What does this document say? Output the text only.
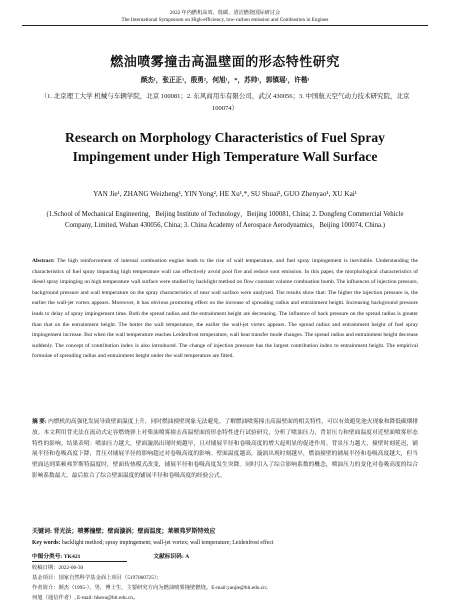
2022 年内燃机高效、低碳、清洁燃烧国际研讨会
The International Symposium on High-efficiency, low-carbon emission and Combustion in Engines
燃油喷雾撞击高温壁面的形态特性研究
颜杰¹，张正正¹，殷勇²，何旭¹，*，苏帅³，郭镇瑶¹，许楷¹
（1. 北京理工大学 机械与车辆学院，北京 100081；2. 东风商用车有限公司，武汉 430056；3. 中国航天空气动力技术研究院，北京 100074）
Research on Morphology Characteristics of Fuel Spray Impingement under High Temperature Wall Surface
YAN Jie¹, ZHANG Weizheng¹, YIN Yong², HE Xu¹,*, SU Shuai³, GUO Zhenyao¹, XU Kai¹
(1.School of Mechanical Engineering，Beijing Institute of Technology，Beijing 100081, China; 2. Dongfeng Commercial Vehicle Company, Limited, Wuhan 430056, China; 3. China Academy of Aerospace Aerodynamics，Beijing 100074, China.)
Abstract: The high reinforcement of internal combustion engine leads to the rise of wall temperature, and fuel spray impingement is inevitable. Understanding the characteristics of fuel spray impacting high temperature wall can effectively avoid pool fire and reduce soot emission. In this paper, the morphological characteristics of diesel spray impinging on high temperature wall surface were studied by backlight method on flow constant volume combustion bomb. The influences of injection pressure, background pressure and wall temperature on the spray characteristics of near wall surface were analyzed. The results show that: The higher the injection pressure is, the earlier the wall-jet vortex appears. Moreover, it has obvious promoting effect on the increase of spreading radius and entrainment height. Increasing background pressure leads to delay of spray impingement time. Both the spread radius and the entrainment height are decreasing. The influence of back pressure on the spread radius is greater than that on the entrainment height. The hotter the wall temperature, the earlier the wall-jet vortex appears. The spread radius and entrainment height of fuel spray impingement increase. But when the wall temperature reaches Leidenfrost temperature, wall heat transfer mode changes. The spread radius and entrainment height decrease suddenly. The concept of contribution index is also introduced. The change of injection pressure has the largest contribution index to entrainment height. The empirical formulae of spreading radius and entrainment height under the wall temperature are fitted.
摘 要: 内燃机的高强化发展导致壁面温度上升，同时燃油撞壁现象无法避免。了解燃油喷雾撞击高温壁面的相关特性，可以有效避免池火现象和降低碳烟排放。本文利用背光法在流动式定容燃烧弹上对柴油喷雾撞击高温壁面的形态特性进行试验研究，分析了喷油压力、背景压力和壁面温度对近壁面喷雾形态特性的影响。结果表明：喷油压力越大，壁面漩涡出现时刻越早，且对铺展半径和卷吸高度的增大起明显的促进作用。背景压力越大，撞壁时刻延迟，铺展半径和卷吸高度下降，背压对铺展半径的影响超过对卷吸高度的影响。壁面温度越高，漩涡出现时刻越早，燃油撞壁的铺展半径和卷吸高度越大，但当壁面达到莱顿弗罗斯特温度时，壁面传热模式改变，铺展半径和卷吸高度发生突降。同时引入了综合影响系数的概念，喷油压力的变化对卷吸高度的综合影响系数最大。最后拟合了综合壁面温度的铺展半径和卷吸高度的经验公式。
关键词: 背光法；喷雾撞壁；壁面漩涡；壁面温度；莱顿弗罗斯特效应
Key words: backlight method; spray impingement; wall-jet vortex; wall temperature; Leidenfrost effect
中图分类号: TK421	文献标识码: A
收稿日期：2022-06-30
基金项目：国家自然科学基金面上项目（5197060725）；
作者简介：颜杰（1995-），男，博士生，主要研究方向为燃油喷雾撞壁燃烧。E-mail:yanjie@bit.edu.cn；
何旭（通信作者）, E-mail: hhexu@bit.edu.cn。
